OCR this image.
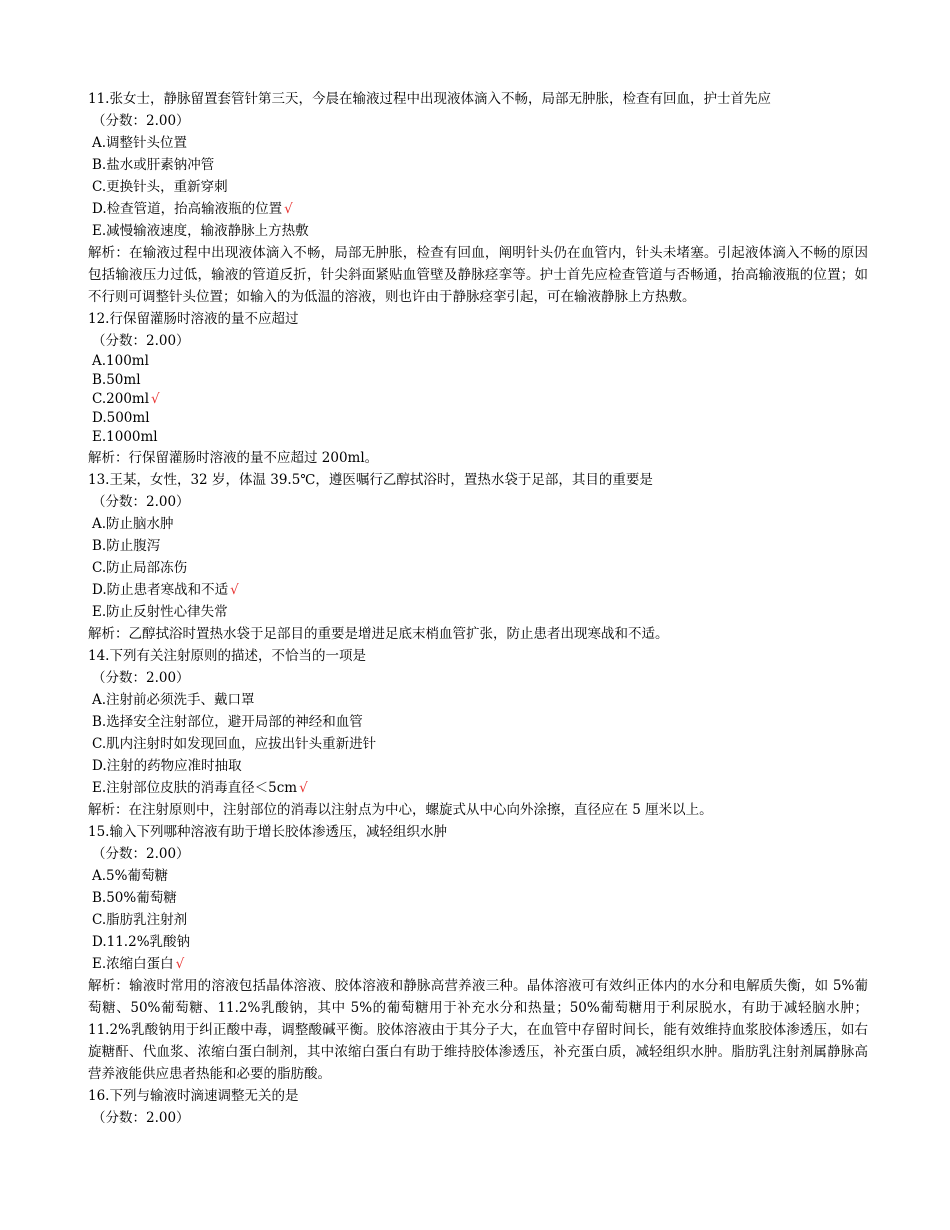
11.张女士，静脉留置套管针第三天，今晨在输液过程中出现液体滴入不畅，局部无肿胀，检查有回血，护士首先应
（分数：2.00）
A.调整针头位置
B.盐水或肝素钠冲管
C.更换针头，重新穿刺
D.检查管道，抬高输液瓶的位置 √
E.减慢输液速度，输液静脉上方热敷
解析：在输液过程中出现液体滴入不畅，局部无肿胀，检查有回血，阐明针头仍在血管内，针头未堵塞。引起液体滴入不畅的原因包括输液压力过低，输液的管道反折，针尖斜面紧贴血管壁及静脉痉挛等。护士首先应检查管道与否畅通，抬高输液瓶的位置；如不行则可调整针头位置；如输入的为低温的溶液，则也许由于静脉痉挛引起，可在输液静脉上方热敷。
12.行保留灌肠时溶液的量不应超过
（分数：2.00）
A.100ml
B.50ml
C.200ml √
D.500ml
E.1000ml
解析：行保留灌肠时溶液的量不应超过 200ml。
13.王某，女性，32 岁，体温 39.5℃，遵医嘱行乙醇拭浴时，置热水袋于足部，其目的重要是
（分数：2.00）
A.防止脑水肿
B.防止腹泻
C.防止局部冻伤
D.防止患者寒战和不适 √
E.防止反射性心律失常
解析：乙醇拭浴时置热水袋于足部目的重要是增进足底末梢血管扩张，防止患者出现寒战和不适。
14.下列有关注射原则的描述，不恰当的一项是
（分数：2.00）
A.注射前必须洗手、戴口罩
B.选择安全注射部位，避开局部的神经和血管
C.肌内注射时如发现回血，应拔出针头重新进针
D.注射的药物应准时抽取
E.注射部位皮肤的消毒直径＜5cm √
解析：在注射原则中，注射部位的消毒以注射点为中心，螺旋式从中心向外涂擦，直径应在 5 厘米以上。
15.输入下列哪种溶液有助于增长胶体渗透压，减轻组织水肿
（分数：2.00）
A.5%葡萄糖
B.50%葡萄糖
C.脂肪乳注射剂
D.11.2%乳酸钠
E.浓缩白蛋白 √
解析：输液时常用的溶液包括晶体溶液、胶体溶液和静脉高营养液三种。晶体溶液可有效纠正体内的水分和电解质失衡，如 5%葡萄糖、50%葡萄糖、11.2%乳酸钠，其中 5%的葡萄糖用于补充水分和热量；50%葡萄糖用于利尿脱水，有助于减轻脑水肿；11.2%乳酸钠用于纠正酸中毒，调整酸碱平衡。胶体溶液由于其分子大，在血管中存留时间长，能有效维持血浆胶体渗透压，如右旋糖酐、代血浆、浓缩白蛋白制剂，其中浓缩白蛋白有助于维持胶体渗透压，补充蛋白质，减轻组织水肿。脂肪乳注射剂属静脉高营养液能供应患者热能和必要的脂肪酸。
16.下列与输液时滴速调整无关的是
（分数：2.00）
